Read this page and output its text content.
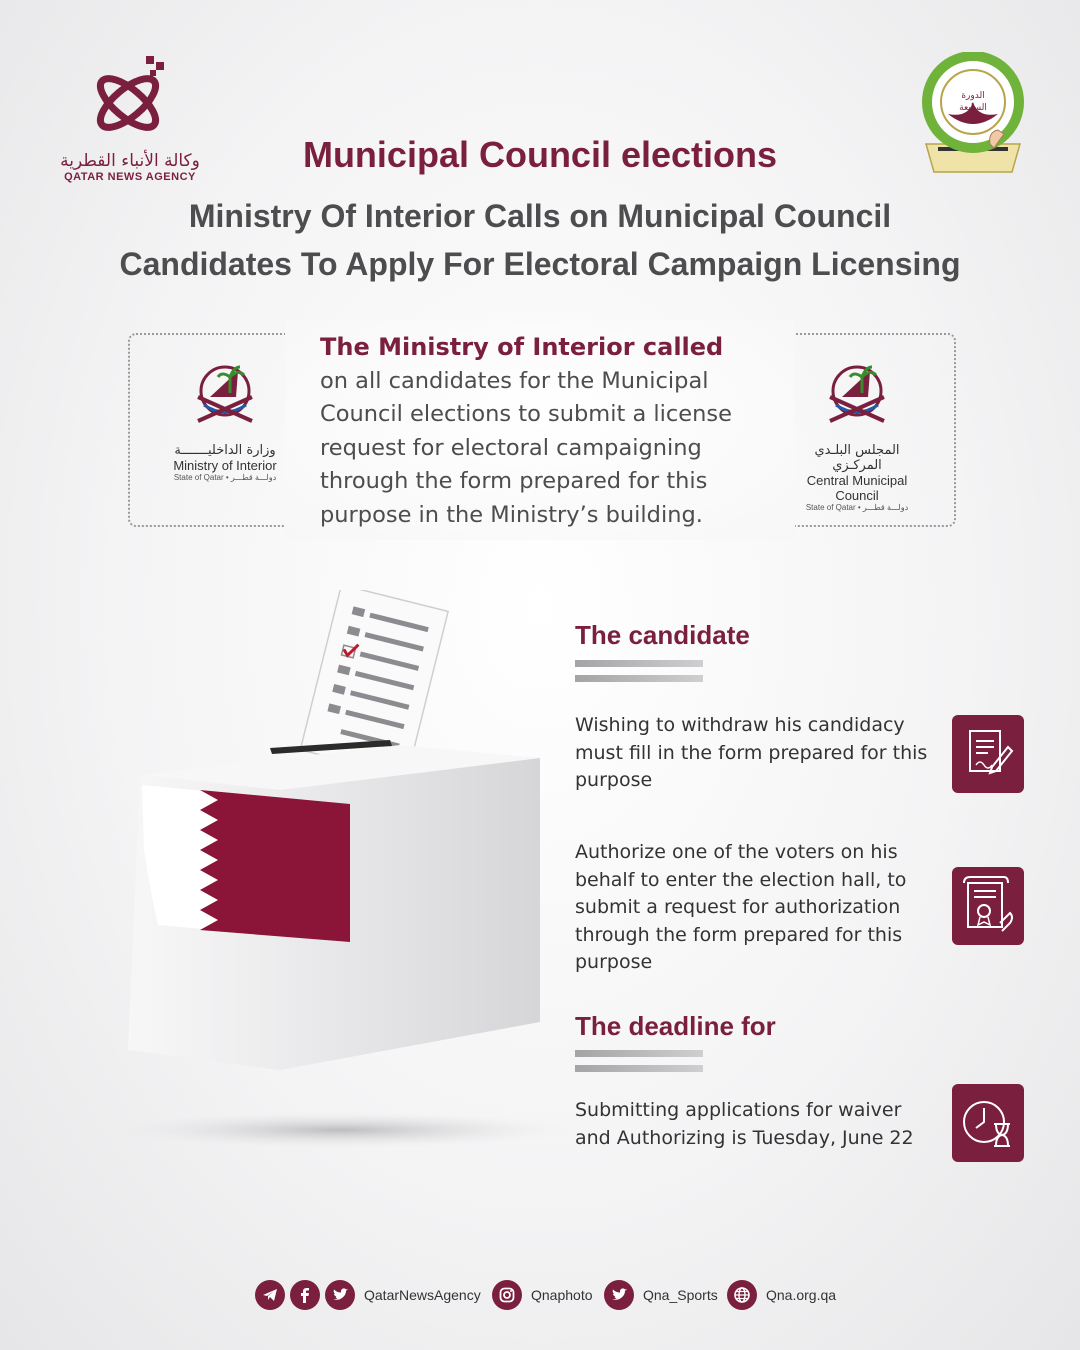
وكالة الأنباء القطرية
QATAR NEWS AGENCY
الدورة
السابعة
Municipal Council elections
Ministry Of Interior Calls on Municipal Council
Candidates To Apply For Electoral Campaign Licensing
وزارة الداخليـــــــة
Ministry of Interior
State of Qatar • دولـــة قطـــر
المجلس البلـدي المركـزي
Central Municipal Council
State of Qatar • دولـــة قطـــر
The Ministry of Interior called
on all candidates for the Municipal Council elections to submit a license request for electoral campaigning through the form prepared for this purpose in the Ministry’s building.
The candidate
Wishing to withdraw his candidacy must fill in the form prepared for this purpose
Authorize one of the voters on his behalf to enter the election hall, to submit a request for authorization through the form prepared for this purpose
The deadline for
Submitting applications for waiver and Authorizing is Tuesday, June 22
QatarNewsAgency	Qnaphoto	Qna_Sports	Qna.org.qa
